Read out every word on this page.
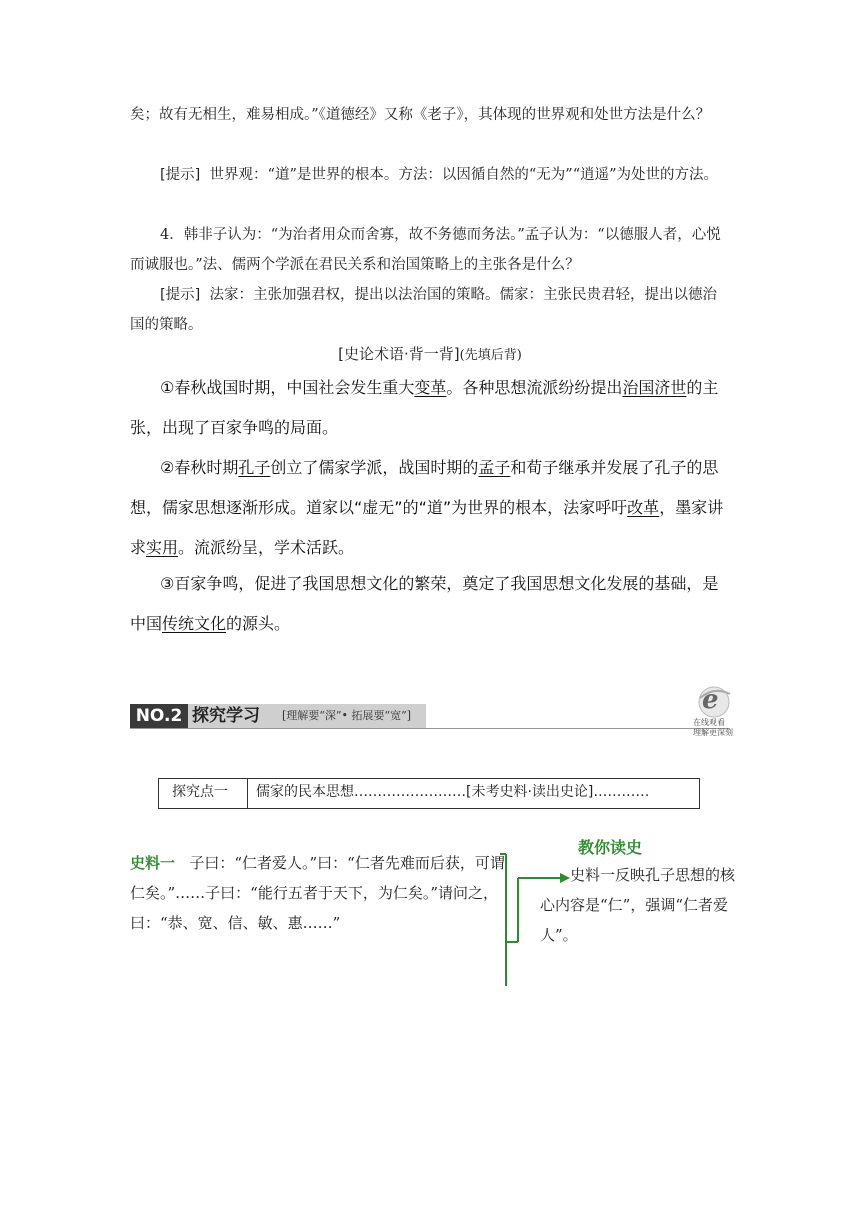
矣；故有无相生，难易相成。”《道德经》又称《老子》，其体现的世界观和处世方法是什么？
[提示] 世界观：“道”是世界的根本。方法：以因循自然的“无为”“逍遥”为处世的方法。
4．韩非子认为：“为治者用众而舍寡，故不务德而务法。”孟子认为：“以德服人者，心悦而诚服也。”法、儒两个学派在君民关系和治国策略上的主张各是什么？
[提示] 法家：主张加强君权，提出以法治国的策略。儒家：主张民贵君轻，提出以德治国的策略。
[史论术语·背一背](先填后背)
①春秋战国时期，中国社会发生重大变革。各种思想流派纷纷提出治国济世的主张，出现了百家争鸣的局面。
②春秋时期孔子创立了儒家学派，战国时期的孟子和荀子继承并发展了孔子的思想，儒家思想逐渐形成。道家以“虚无”的“道”为世界的根本，法家呼吁改革，墨家讲求实用。流派纷呈，学术活跃。
③百家争鸣，促进了我国思想文化的繁荣，奠定了我国思想文化发展的基础，是中国传统文化的源头。
NO.2 探究学习 [理解要“深”• 拓展要“宽”]
e
在线观看
理解更深刻
探究点一 儒家的民本思想……………………[未考史料·读出史论]…………
史料一 子曰：“仁者爱人。”曰：“仁者先难而后获，可谓仁矣。”……子曰：“能行五者于天下，为仁矣。”请问之，曰：“恭、宽、信、敏、惠……”
教你读史
史料一反映孔子思想的核心内容是“仁”，强调“仁者爱人”。
